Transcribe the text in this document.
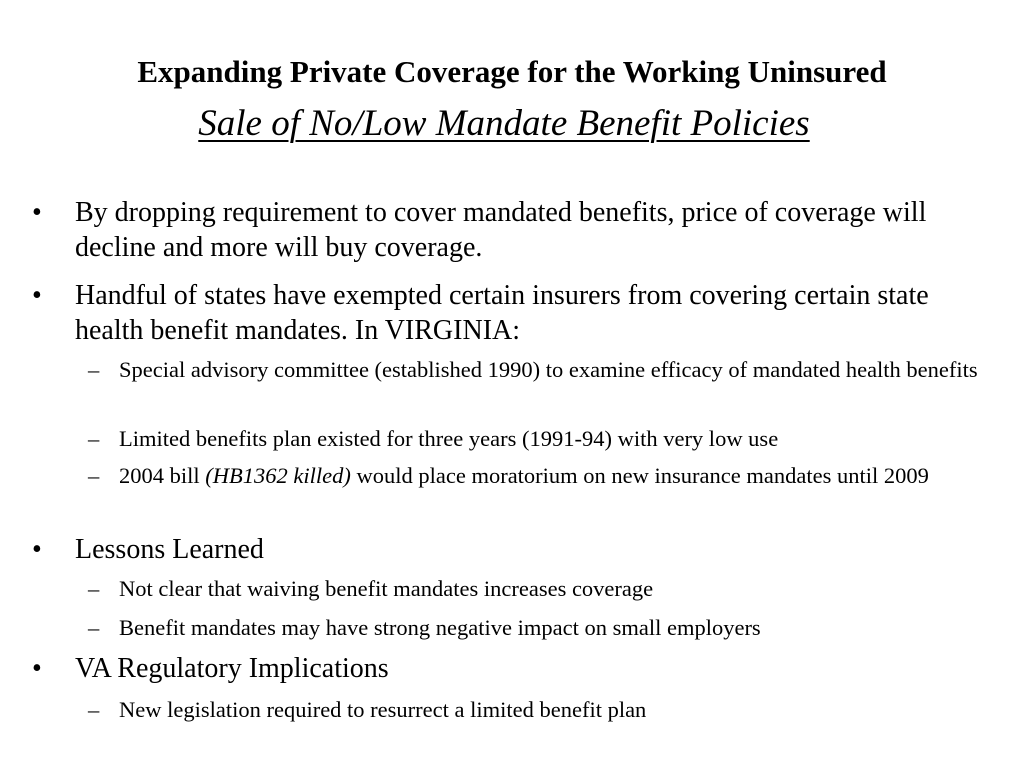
Expanding Private Coverage for the Working Uninsured
Sale of No/Low Mandate Benefit Policies
• By dropping requirement to cover mandated benefits, price of coverage will decline and more will buy coverage.
• Handful of states have exempted certain insurers from covering certain state health benefit mandates. In VIRGINIA:
– Special advisory committee (established 1990) to examine efficacy of mandated health benefits
– Limited benefits plan existed for three years (1991-94) with very low use
– 2004 bill (HB1362 killed) would place moratorium on new insurance mandates until 2009
• Lessons Learned
– Not clear that waiving benefit mandates increases coverage
– Benefit mandates may have strong negative impact on small employers
• VA Regulatory Implications
– New legislation required to resurrect a limited benefit plan
